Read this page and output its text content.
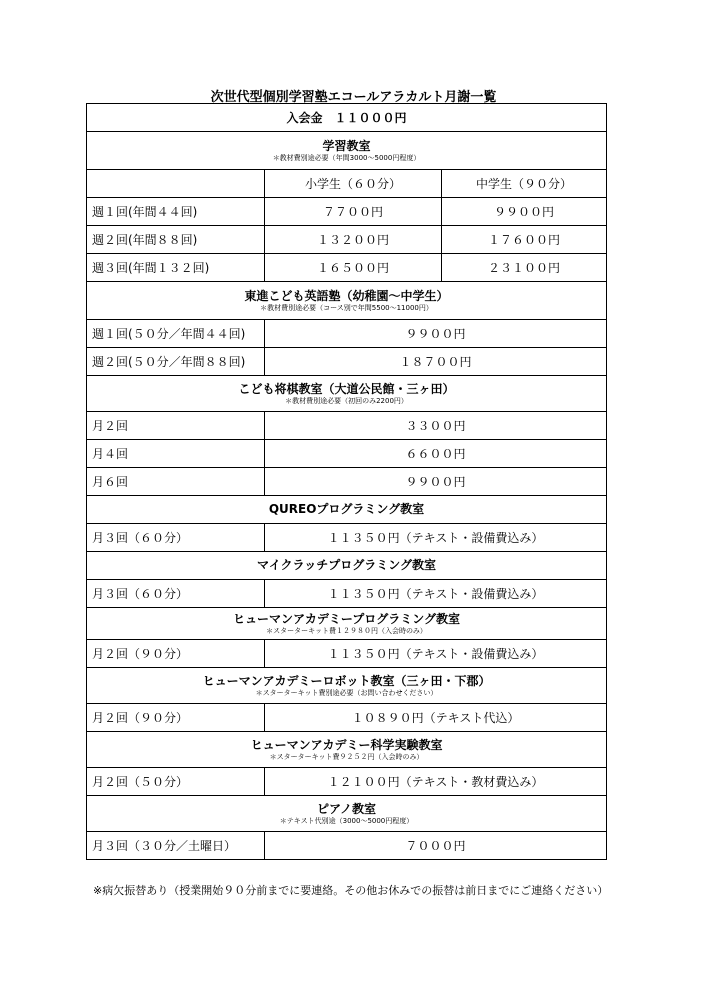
次世代型個別学習塾エコールアラカルト月謝一覧
入会金　１１０００円		

学習教室
＊教材費別途必要（年間3000～5000円程度）		

	小学生（６０分）	中学生（９０分）
週１回(年間４４回)	７７００円	９９００円
週２回(年間８８回)	１３２００円	１７６００円
週３回(年間１３２回)	１６５００円	２３１００円

東進こども英語塾（幼稚園～中学生）
＊教材費別途必要（コース別で年間5500～11000円）		

週１回(５０分／年間４４回)	９９００円	
週２回(５０分／年間８８回)	１８７００円	

こども将棋教室（大道公民館・三ヶ田）
＊教材費別途必要（初回のみ2200円）		

月２回	３３００円	
月４回	６６００円	
月６回	９９００円	

QUREOプログラミング教室		

月３回（６０分）	１１３５０円（テキスト・設備費込み）	

マイクラッチプログラミング教室		

月３回（６０分）	１１３５０円（テキスト・設備費込み）	

ヒューマンアカデミープログラミング教室
＊スターターキット費１２９８０円（入会時のみ）		

月２回（９０分）	１１３５０円（テキスト・設備費込み）	

ヒューマンアカデミーロボット教室（三ヶ田・下郡）
＊スターターキット費別途必要（お問い合わせください）		

月２回（９０分）	１０８９０円（テキスト代込）	

ヒューマンアカデミー科学実験教室
＊スターターキット費９２５２円（入会時のみ）		

月２回（５０分）	１２１００円（テキスト・教材費込み）	

ピアノ教室
＊テキスト代別途（3000～5000円程度）		

月３回（３０分／土曜日）	７０００円	
※病欠振替あり（授業開始９０分前までに要連絡。その他お休みでの振替は前日までにご連絡ください）
